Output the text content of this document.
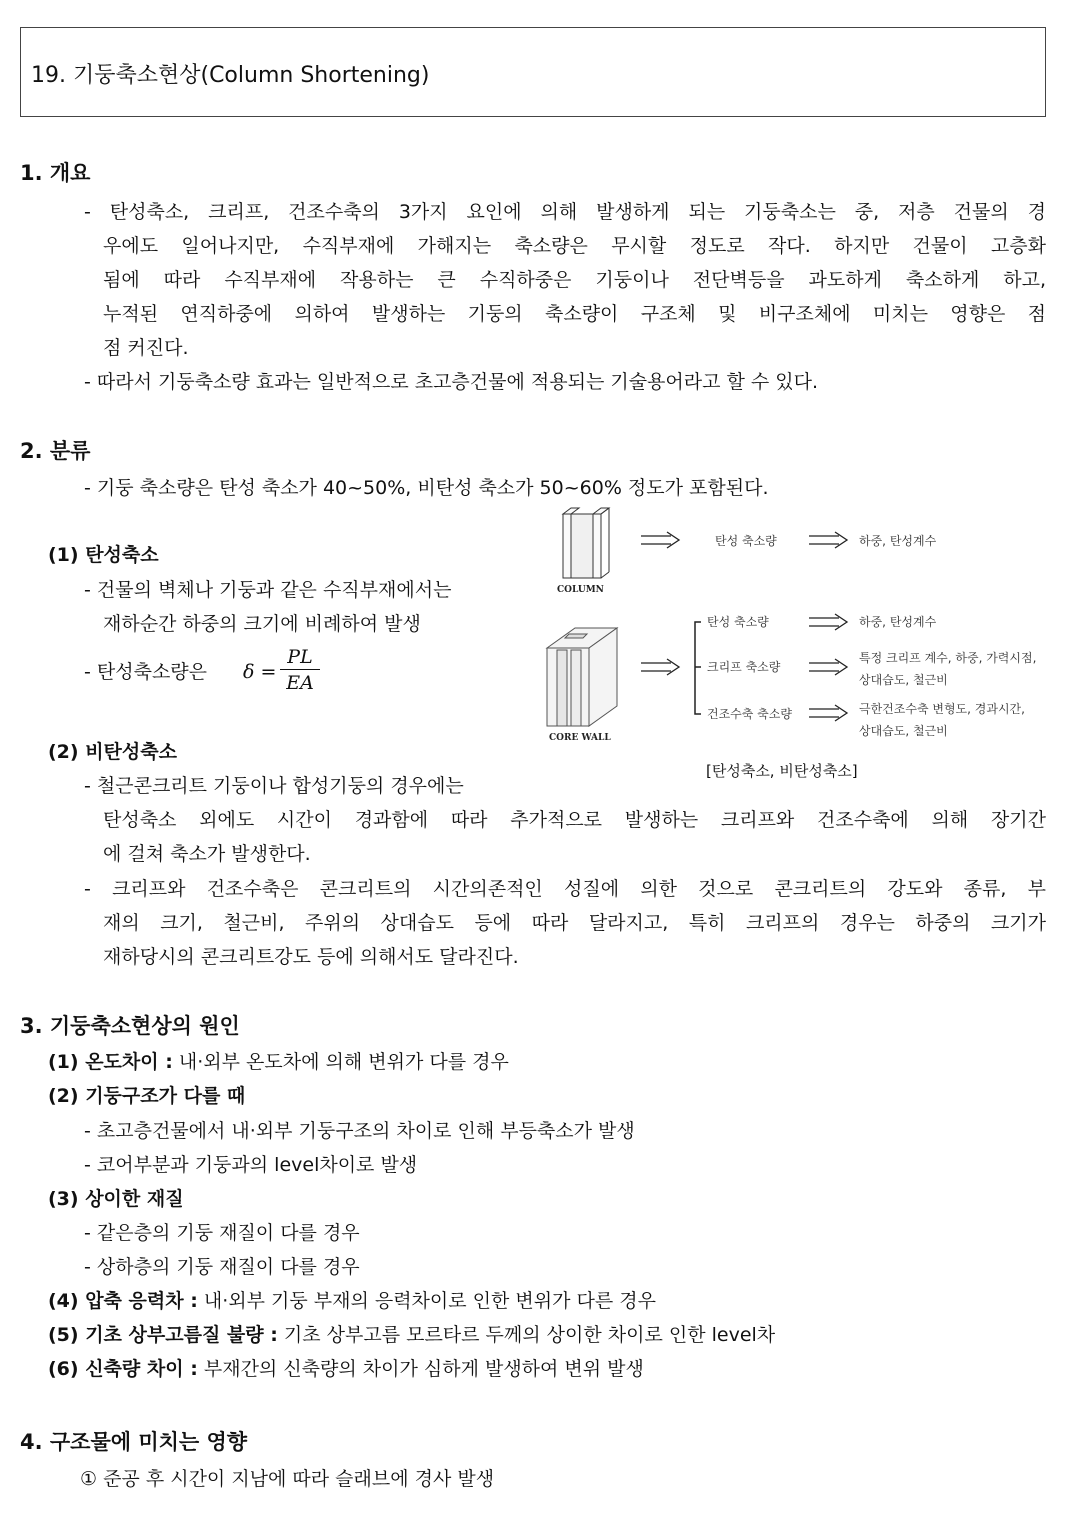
19. 기둥축소현상(Column Shortening)
1. 개요
- 탄성축소, 크리프, 건조수축의 3가지 요인에 의해 발생하게 되는 기둥축소는 중, 저층 건물의 경
우에도 일어나지만, 수직부재에 가해지는 축소량은 무시할 정도로 작다. 하지만 건물이 고층화
됨에 따라 수직부재에 작용하는 큰 수직하중은 기둥이나 전단벽등을 과도하게 축소하게 하고,
누적된 연직하중에 의하여 발생하는 기둥의 축소량이 구조체 및 비구조체에 미치는 영향은 점
점 커진다.
- 따라서 기둥축소량 효과는 일반적으로 초고층건물에 적용되는 기술용어라고 할 수 있다.
2. 분류
- 기둥 축소량은 탄성 축소가 40~50%, 비탄성 축소가 50~60% 정도가 포함된다.
(1) 탄성축소
- 건물의 벽체나 기둥과 같은 수직부재에서는
재하순간 하중의 크기에 비례하여 발생
- 탄성축소량은 δ =
PL
EA
(2) 비탄성축소
- 철근콘크리트 기둥이나 합성기둥의 경우에는
탄성축소 외에도 시간이 경과함에 따라 추가적으로 발생하는 크리프와 건조수축에 의해 장기간
에 걸쳐 축소가 발생한다.
- 크리프와 건조수축은 콘크리트의 시간의존적인 성질에 의한 것으로 콘크리트의 강도와 종류, 부
재의 크기, 철근비, 주위의 상대습도 등에 따라 달라지고, 특히 크리프의 경우는 하중의 크기가
재하당시의 콘크리트강도 등에 의해서도 달라진다.
COLUMN
CORE WALL
탄성 축소량	하중, 탄성계수
탄성 축소량
크리프 축소량
건조수축 축소량
하중, 탄성계수
특정 크리프 계수, 하중, 가력시점,
상대습도, 철근비
극한건조수축 변형도, 경과시간,
상대습도, 철근비
[탄성축소, 비탄성축소]
3. 기둥축소현상의 원인
(1) 온도차이 : 내·외부 온도차에 의해 변위가 다를 경우
(2) 기둥구조가 다를 때
- 초고층건물에서 내·외부 기둥구조의 차이로 인해 부등축소가 발생
- 코어부분과 기둥과의 level차이로 발생
(3) 상이한 재질
- 같은층의 기둥 재질이 다를 경우
- 상하층의 기둥 재질이 다를 경우
(4) 압축 응력차 : 내·외부 기둥 부재의 응력차이로 인한 변위가 다른 경우
(5) 기초 상부고름질 불량 : 기초 상부고름 모르타르 두께의 상이한 차이로 인한 level차
(6) 신축량 차이 : 부재간의 신축량의 차이가 심하게 발생하여 변위 발생
4. 구조물에 미치는 영향
① 준공 후 시간이 지남에 따라 슬래브에 경사 발생
